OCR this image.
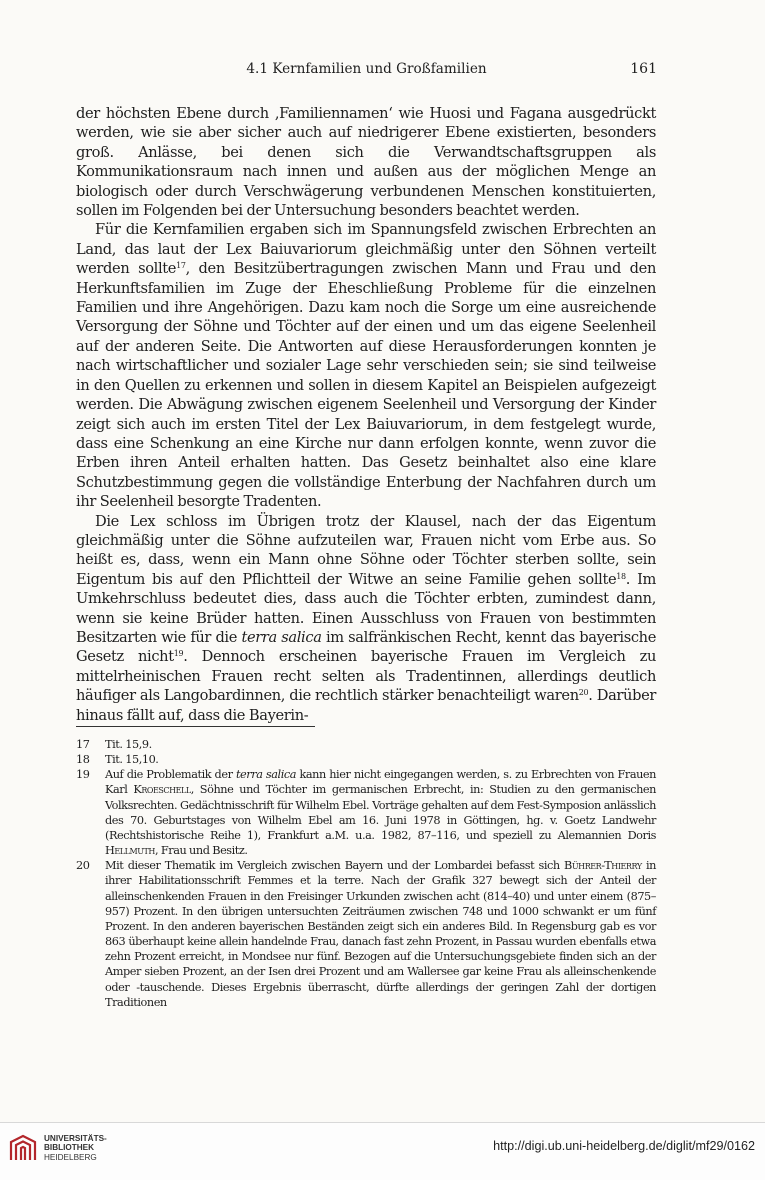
4.1 Kernfamilien und Großfamilien	161

der höchsten Ebene durch ‚Familiennamen‘ wie Huosi und Fagana ausgedrückt werden, wie sie aber sicher auch auf niedrigerer Ebene existierten, besonders groß. Anlässe, bei denen sich die Verwandtschaftsgruppen als Kommunikationsraum nach innen und außen aus der möglichen Menge an biologisch oder durch Verschwägerung verbundenen Menschen konstituierten, sollen im Folgenden bei der Untersuchung besonders beachtet werden.

Für die Kernfamilien ergaben sich im Spannungsfeld zwischen Erbrechten an Land, das laut der Lex Baiuvariorum gleichmäßig unter den Söhnen verteilt werden sollte$^{17}$, den Besitzübertragungen zwischen Mann und Frau und den Herkunftsfamilien im Zuge der Eheschließung Probleme für die einzelnen Familien und ihre Angehörigen. Dazu kam noch die Sorge um eine ausreichende Versorgung der Söhne und Töchter auf der einen und um das eigene Seelenheil auf der anderen Seite. Die Antworten auf diese Herausforderungen konnten je nach wirtschaftlicher und sozialer Lage sehr verschieden sein; sie sind teilweise in den Quellen zu erkennen und sollen in diesem Kapitel an Beispielen aufgezeigt werden. Die Abwägung zwischen eigenem Seelenheil und Versorgung der Kinder zeigt sich auch im ersten Titel der Lex Baiuvariorum, in dem festgelegt wurde, dass eine Schenkung an eine Kirche nur dann erfolgen konnte, wenn zuvor die Erben ihren Anteil erhalten hatten. Das Gesetz beinhaltet also eine klare Schutzbestimmung gegen die vollständige Enterbung der Nachfahren durch um ihr Seelenheil besorgte Tradenten.

Die Lex schloss im Übrigen trotz der Klausel, nach der das Eigentum gleichmäßig unter die Söhne aufzuteilen war, Frauen nicht vom Erbe aus. So heißt es, dass, wenn ein Mann ohne Söhne oder Töchter sterben sollte, sein Eigentum bis auf den Pflichtteil der Witwe an seine Familie gehen sollte$^{18}$. Im Umkehrschluss bedeutet dies, dass auch die Töchter erbten, zumindest dann, wenn sie keine Brüder hatten. Einen Ausschluss von Frauen von bestimmten Besitzarten wie für die terra salica im salfränkischen Recht, kennt das bayerische Gesetz nicht$^{19}$. Dennoch erscheinen bayerische Frauen im Vergleich zu mittelrheinischen Frauen recht selten als Tradentinnen, allerdings deutlich häufiger als Langobardinnen, die rechtlich stärker benachteiligt waren$^{20}$. Darüber hinaus fällt auf, dass die Bayerin-

17	Tit. 15,9.
18	Tit. 15,10.
19	Auf die Problematik der terra salica kann hier nicht eingegangen werden, s. zu Erbrechten von Frauen Karl Kroeschell, Söhne und Töchter im germanischen Erbrecht, in: Studien zu den germanischen Volksrechten. Gedächtnisschrift für Wilhelm Ebel. Vorträge gehalten auf dem Fest-Symposion anlässlich des 70. Geburtstages von Wilhelm Ebel am 16. Juni 1978 in Göttingen, hg. v. Goetz Landwehr (Rechtshistorische Reihe 1), Frankfurt a.M. u.a. 1982, 87–116, und speziell zu Alemannien Doris Hellmuth, Frau und Besitz.
20	Mit dieser Thematik im Vergleich zwischen Bayern und der Lombardei befasst sich Bührer-Thierry in ihrer Habilitationsschrift Femmes et la terre. Nach der Grafik 327 bewegt sich der Anteil der alleinschenkenden Frauen in den Freisinger Urkunden zwischen acht (814–40) und unter einem (875–957) Prozent. In den übrigen untersuchten Zeiträumen zwischen 748 und 1000 schwankt er um fünf Prozent. In den anderen bayerischen Beständen zeigt sich ein anderes Bild. In Regensburg gab es vor 863 überhaupt keine allein handelnde Frau, danach fast zehn Prozent, in Passau wurden ebenfalls etwa zehn Prozent erreicht, in Mondsee nur fünf. Bezogen auf die Untersuchungsgebiete finden sich an der Amper sieben Prozent, an der Isen drei Prozent und am Wallersee gar keine Frau als alleinschenkende oder -tauschende. Dieses Ergebnis überrascht, dürfte allerdings der geringen Zahl der dortigen Traditionen
UNIVERSITÄTS-
BIBLIOTHEK
HEIDELBERG
http://digi.ub.uni-heidelberg.de/diglit/mf29/0162
